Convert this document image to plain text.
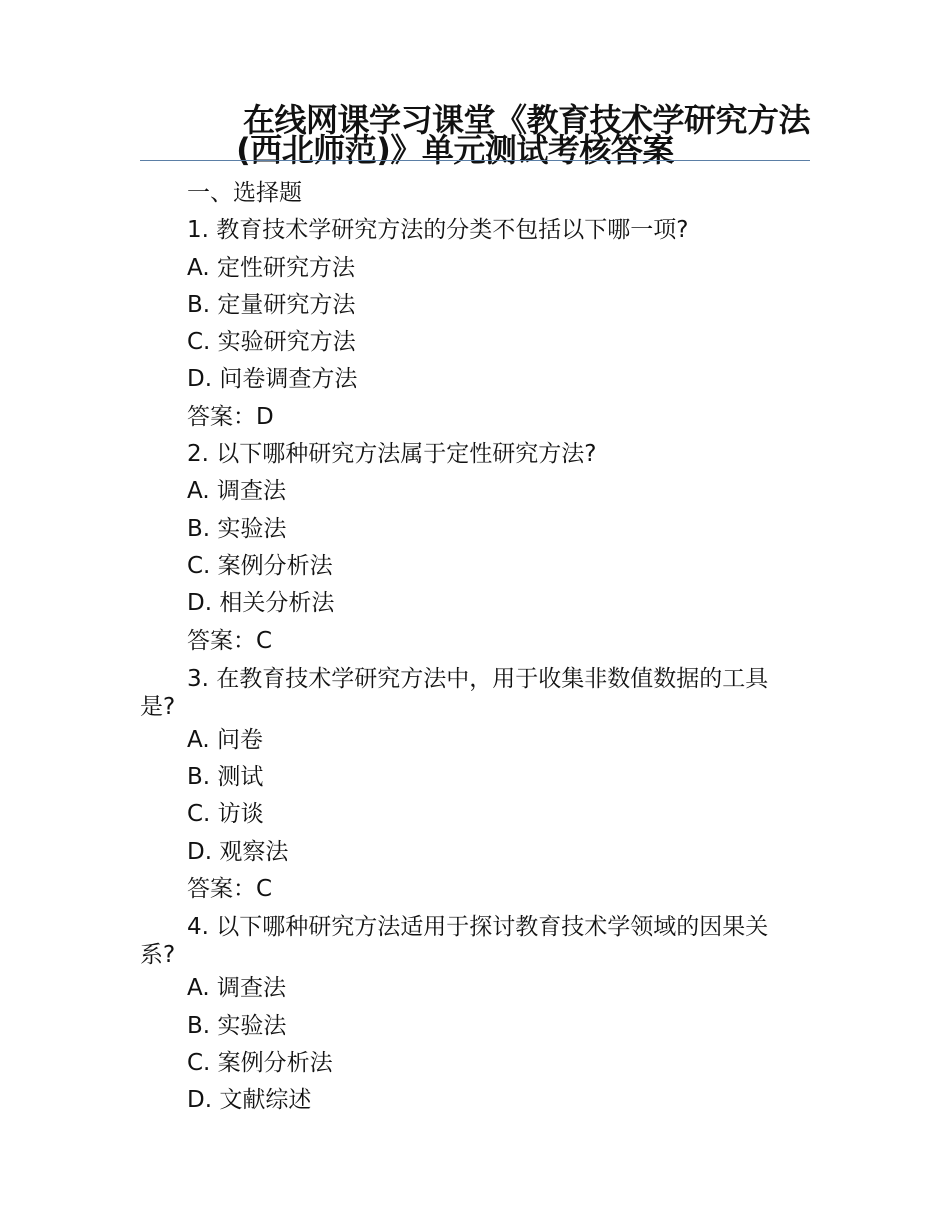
在线网课学习课堂《教育技术学研究方法
(西北师范)》单元测试考核答案
一、选择题
1. 教育技术学研究方法的分类不包括以下哪一项?
A. 定性研究方法
B. 定量研究方法
C. 实验研究方法
D. 问卷调查方法
答案：D
2. 以下哪种研究方法属于定性研究方法?
A. 调查法
B. 实验法
C. 案例分析法
D. 相关分析法
答案：C
3. 在教育技术学研究方法中，用于收集非数值数据的工具
是?
A. 问卷
B. 测试
C. 访谈
D. 观察法
答案：C
4. 以下哪种研究方法适用于探讨教育技术学领域的因果关
系?
A. 调查法
B. 实验法
C. 案例分析法
D. 文献综述
